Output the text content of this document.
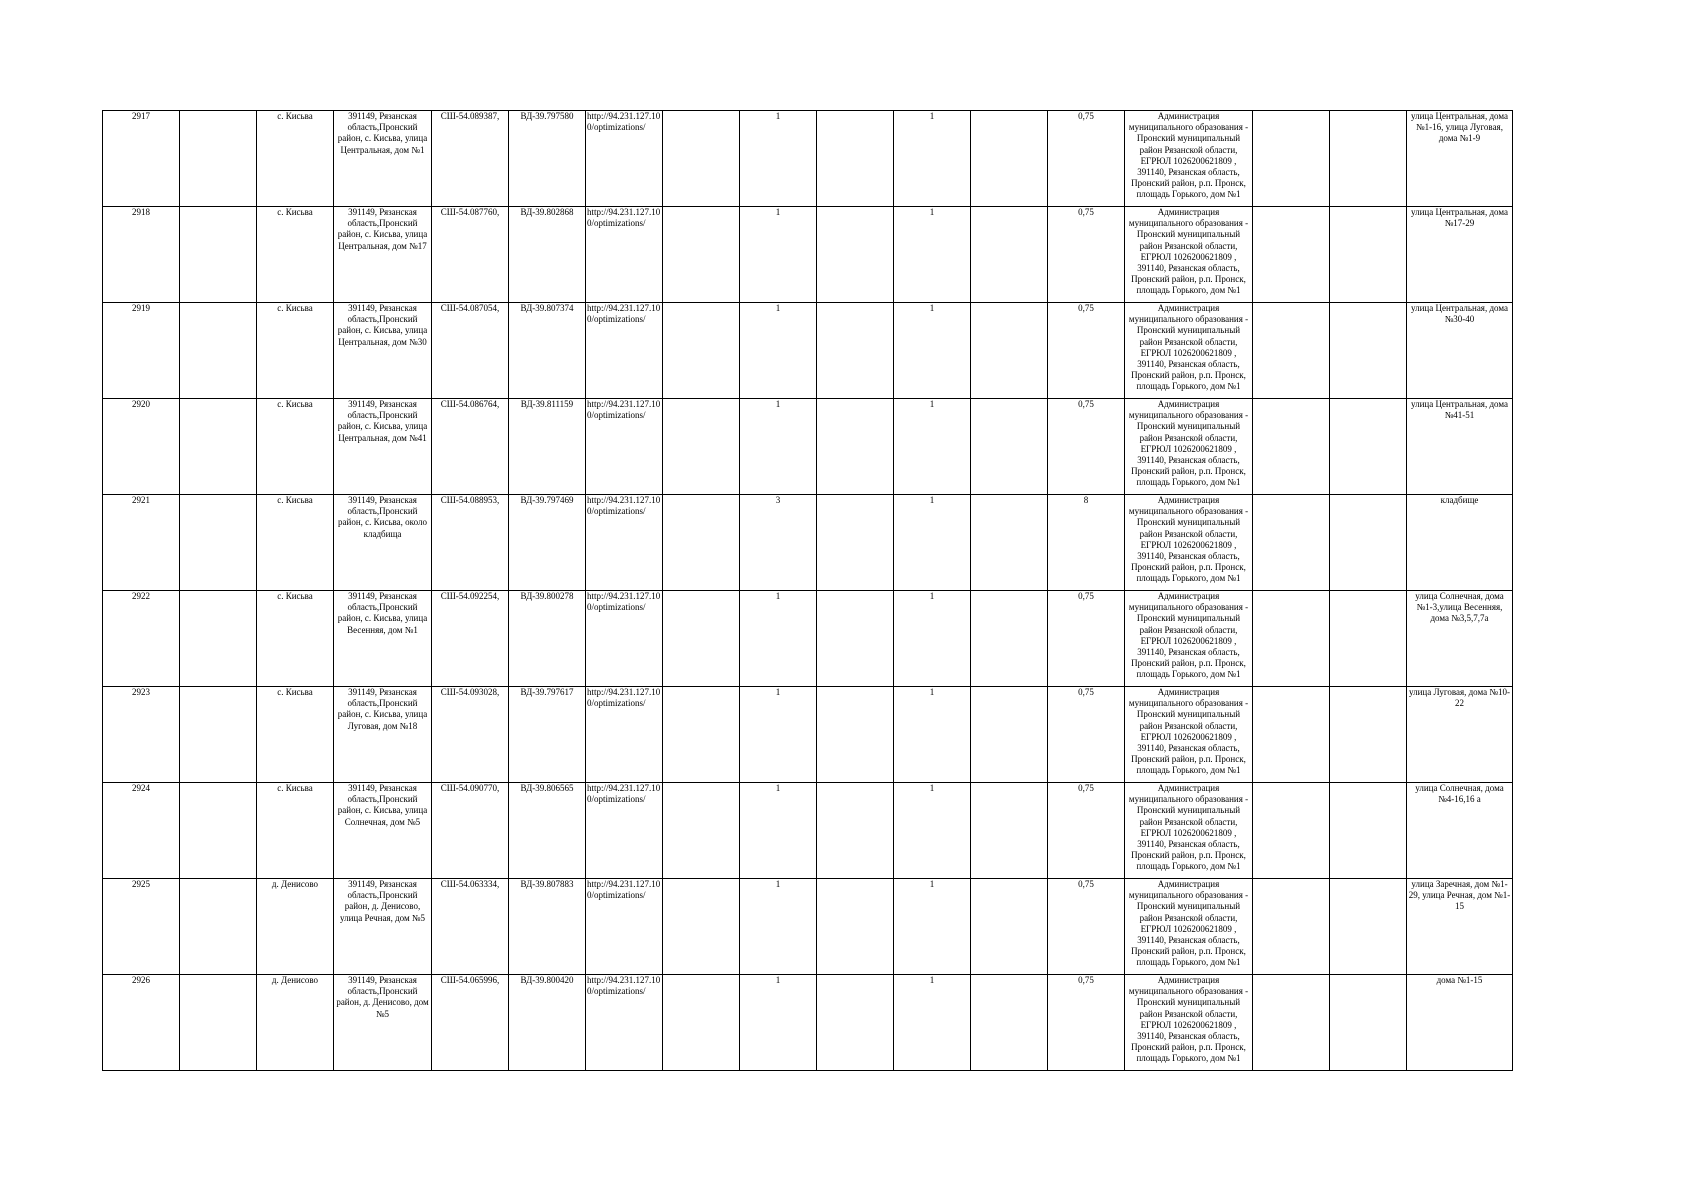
2917		с. Кисьва	391149, Рязанская область,Пронский район, с. Кисьва, улица Центральная, дом №1	СШ-54.089387,	ВД-39.797580	http://94.231.127.100/optimizations/		1		1		0,75	Администрация муниципального образования - Пронский муниципальный район Рязанской области, ЕГРЮЛ 1026200621809 , 391140, Рязанская область, Пронский район, р.п. Пронск, площадь Горького, дом №1			улица Центральная, дома №1-16, улица Луговая, дома №1-9
2918		с. Кисьва	391149, Рязанская область,Пронский район, с. Кисьва, улица Центральная, дом №17	СШ-54.087760,	ВД-39.802868	http://94.231.127.100/optimizations/		1		1		0,75	Администрация муниципального образования - Пронский муниципальный район Рязанской области, ЕГРЮЛ 1026200621809 , 391140, Рязанская область, Пронский район, р.п. Пронск, площадь Горького, дом №1			улица Центральная, дома №17-29
2919		с. Кисьва	391149, Рязанская область,Пронский район, с. Кисьва, улица Центральная, дом №30	СШ-54.087054,	ВД-39.807374	http://94.231.127.100/optimizations/		1		1		0,75	Администрация муниципального образования - Пронский муниципальный район Рязанской области, ЕГРЮЛ 1026200621809 , 391140, Рязанская область, Пронский район, р.п. Пронск, площадь Горького, дом №1			улица Центральная, дома №30-40
2920		с. Кисьва	391149, Рязанская область,Пронский район, с. Кисьва, улица Центральная, дом №41	СШ-54.086764,	ВД-39.811159	http://94.231.127.100/optimizations/		1		1		0,75	Администрация муниципального образования - Пронский муниципальный район Рязанской области, ЕГРЮЛ 1026200621809 , 391140, Рязанская область, Пронский район, р.п. Пронск, площадь Горького, дом №1			улица Центральная, дома №41-51
2921		с. Кисьва	391149, Рязанская область,Пронский район, с. Кисьва, около кладбища	СШ-54.088953,	ВД-39.797469	http://94.231.127.100/optimizations/		3		1		8	Администрация муниципального образования - Пронский муниципальный район Рязанской области, ЕГРЮЛ 1026200621809 , 391140, Рязанская область, Пронский район, р.п. Пронск, площадь Горького, дом №1			кладбище
2922		с. Кисьва	391149, Рязанская область,Пронский район, с. Кисьва, улица Весенняя, дом №1	СШ-54.092254,	ВД-39.800278	http://94.231.127.100/optimizations/		1		1		0,75	Администрация муниципального образования - Пронский муниципальный район Рязанской области, ЕГРЮЛ 1026200621809 , 391140, Рязанская область, Пронский район, р.п. Пронск, площадь Горького, дом №1			улица Солнечная, дома №1-3,улица Весенняя, дома №3,5,7,7а
2923		с. Кисьва	391149, Рязанская область,Пронский район, с. Кисьва, улица Луговая, дом №18	СШ-54.093028,	ВД-39.797617	http://94.231.127.100/optimizations/		1		1		0,75	Администрация муниципального образования - Пронский муниципальный район Рязанской области, ЕГРЮЛ 1026200621809 , 391140, Рязанская область, Пронский район, р.п. Пронск, площадь Горького, дом №1			улица Луговая, дома №10-22
2924		с. Кисьва	391149, Рязанская область,Пронский район, с. Кисьва, улица Солнечная, дом №5	СШ-54.090770,	ВД-39.806565	http://94.231.127.100/optimizations/		1		1		0,75	Администрация муниципального образования - Пронский муниципальный район Рязанской области, ЕГРЮЛ 1026200621809 , 391140, Рязанская область, Пронский район, р.п. Пронск, площадь Горького, дом №1			улица Солнечная, дома №4-16,16 а
2925		д. Денисово	391149, Рязанская область,Пронский район, д. Денисово, улица Речная, дом №5	СШ-54.063334,	ВД-39.807883	http://94.231.127.100/optimizations/		1		1		0,75	Администрация муниципального образования - Пронский муниципальный район Рязанской области, ЕГРЮЛ 1026200621809 , 391140, Рязанская область, Пронский район, р.п. Пронск, площадь Горького, дом №1			улица Заречная, дом №1-29, улица Речная, дом №1-15
2926		д. Денисово	391149, Рязанская область,Пронский район, д. Денисово, дом №5	СШ-54.065996,	ВД-39.800420	http://94.231.127.100/optimizations/		1		1		0,75	Администрация муниципального образования - Пронский муниципальный район Рязанской области, ЕГРЮЛ 1026200621809 , 391140, Рязанская область, Пронский район, р.п. Пронск, площадь Горького, дом №1			дома №1-15
